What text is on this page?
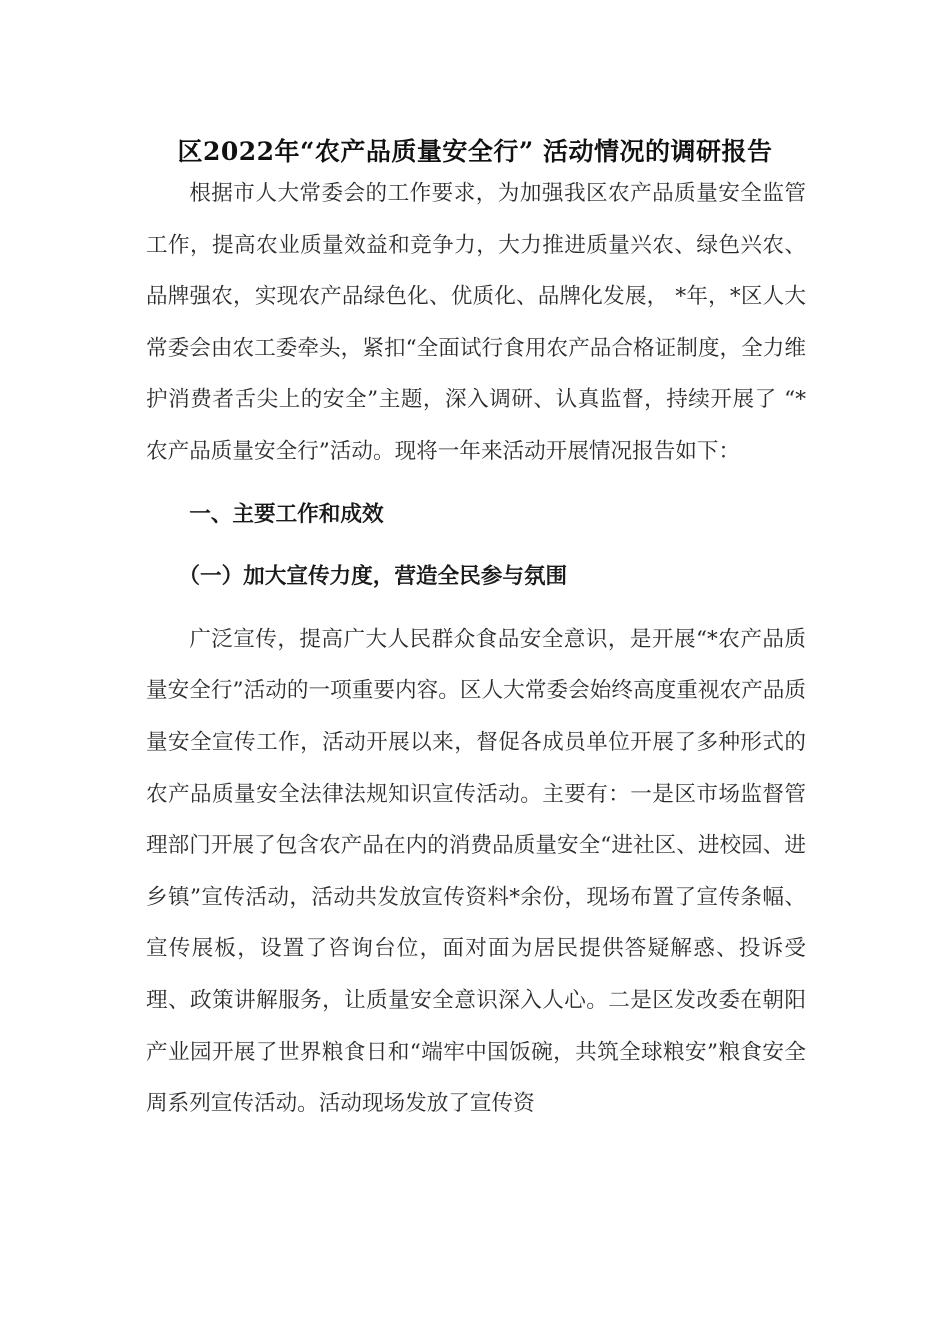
区2022年“农产品质量安全行” 活动情况的调研报告

根据市人大常委会的工作要求，为加强我区农产品质量安全监管工作，提高农业质量效益和竞争力，大力推进质量兴农、绿色兴农、品牌强农，实现农产品绿色化、优质化、品牌化发展， *年，*区人大常委会由农工委牵头，紧扣“全面试行食用农产品合格证制度，全力维护消费者舌尖上的安全”主题，深入调研、认真监督，持续开展了 “*农产品质量安全行”活动。现将一年来活动开展情况报告如下：

一、主要工作和成效

（一）加大宣传力度，营造全民参与氛围

广泛宣传，提高广大人民群众食品安全意识，是开展“*农产品质量安全行”活动的一项重要内容。区人大常委会始终高度重视农产品质量安全宣传工作，活动开展以来，督促各成员单位开展了多种形式的农产品质量安全法律法规知识宣传活动。主要有：一是区市场监督管理部门开展了包含农产品在内的消费品质量安全“进社区、进校园、进乡镇”宣传活动，活动共发放宣传资料*余份，现场布置了宣传条幅、宣传展板，设置了咨询台位，面对面为居民提供答疑解惑、投诉受理、政策讲解服务，让质量安全意识深入人心。二是区发改委在朝阳产业园开展了世界粮食日和“端牢中国饭碗，共筑全球粮安”粮食安全周系列宣传活动。活动现场发放了宣传资
